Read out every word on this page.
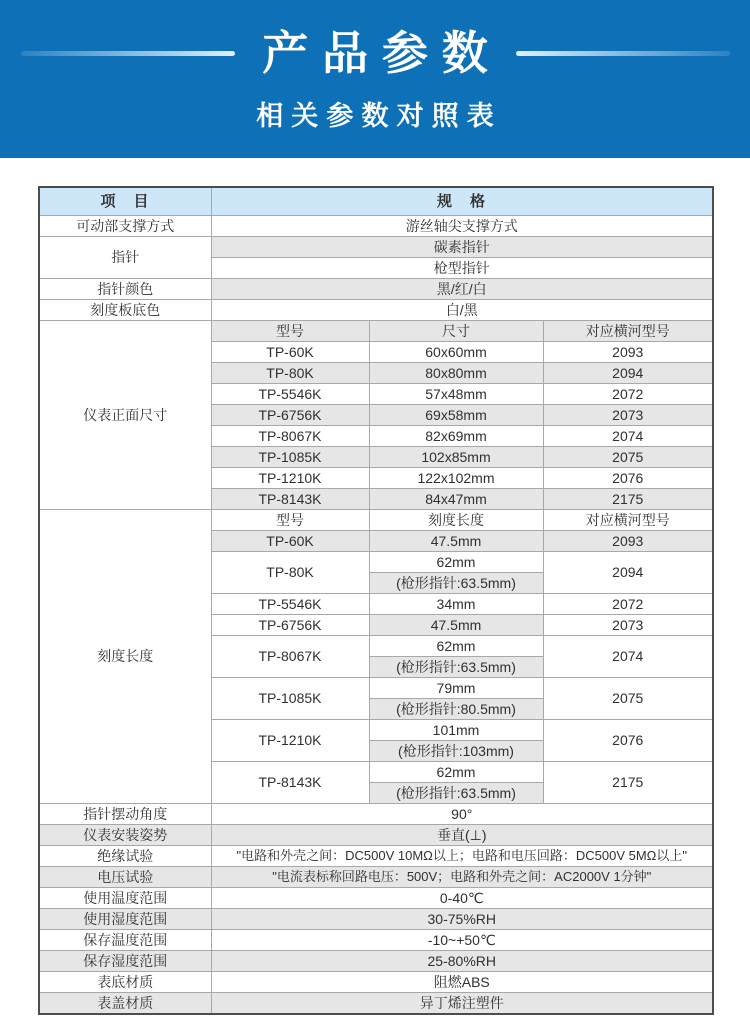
产品参数
相关参数对照表
项　目	规　格		
可动部支撑方式	游丝轴尖支撑方式		
指针	碳素指针		
	枪型指针		
指针颜色	黑/红/白		
刻度板底色	白/黑		
仪表正面尺寸	型号	尺寸	对应横河型号
	TP-60K	60x60mm	2093
	TP-80K	80x80mm	2094
	TP-5546K	57x48mm	2072
	TP-6756K	69x58mm	2073
	TP-8067K	82x69mm	2074
	TP-1085K	102x85mm	2075
	TP-1210K	122x102mm	2076
	TP-8143K	84x47mm	2175
刻度长度	型号	刻度长度	对应横河型号
	TP-60K	47.5mm	2093
	TP-80K	62mm	2094
		(枪形指针:63.5mm)	
	TP-5546K	34mm	2072
	TP-6756K	47.5mm	2073
	TP-8067K	62mm	2074
		(枪形指针:63.5mm)	
	TP-1085K	79mm	2075
		(枪形指针:80.5mm)	
	TP-1210K	101mm	2076
		(枪形指针:103mm)	
	TP-8143K	62mm	2175
		(枪形指针:63.5mm)	
指针摆动角度	90°		
仪表安装姿势	垂直(⊥)		
绝缘试验	"电路和外壳之间：DC500V 10MΩ以上；电路和电压回路：DC500V 5MΩ以上"		
电压试验	"电流表标称回路电压：500V；电路和外壳之间：AC2000V 1分钟"		
使用温度范围	0-40℃		
使用湿度范围	30-75%RH		
保存温度范围	-10~+50℃		
保存湿度范围	25-80%RH		
表底材质	阻燃ABS		
表盖材质	异丁烯注塑件		
